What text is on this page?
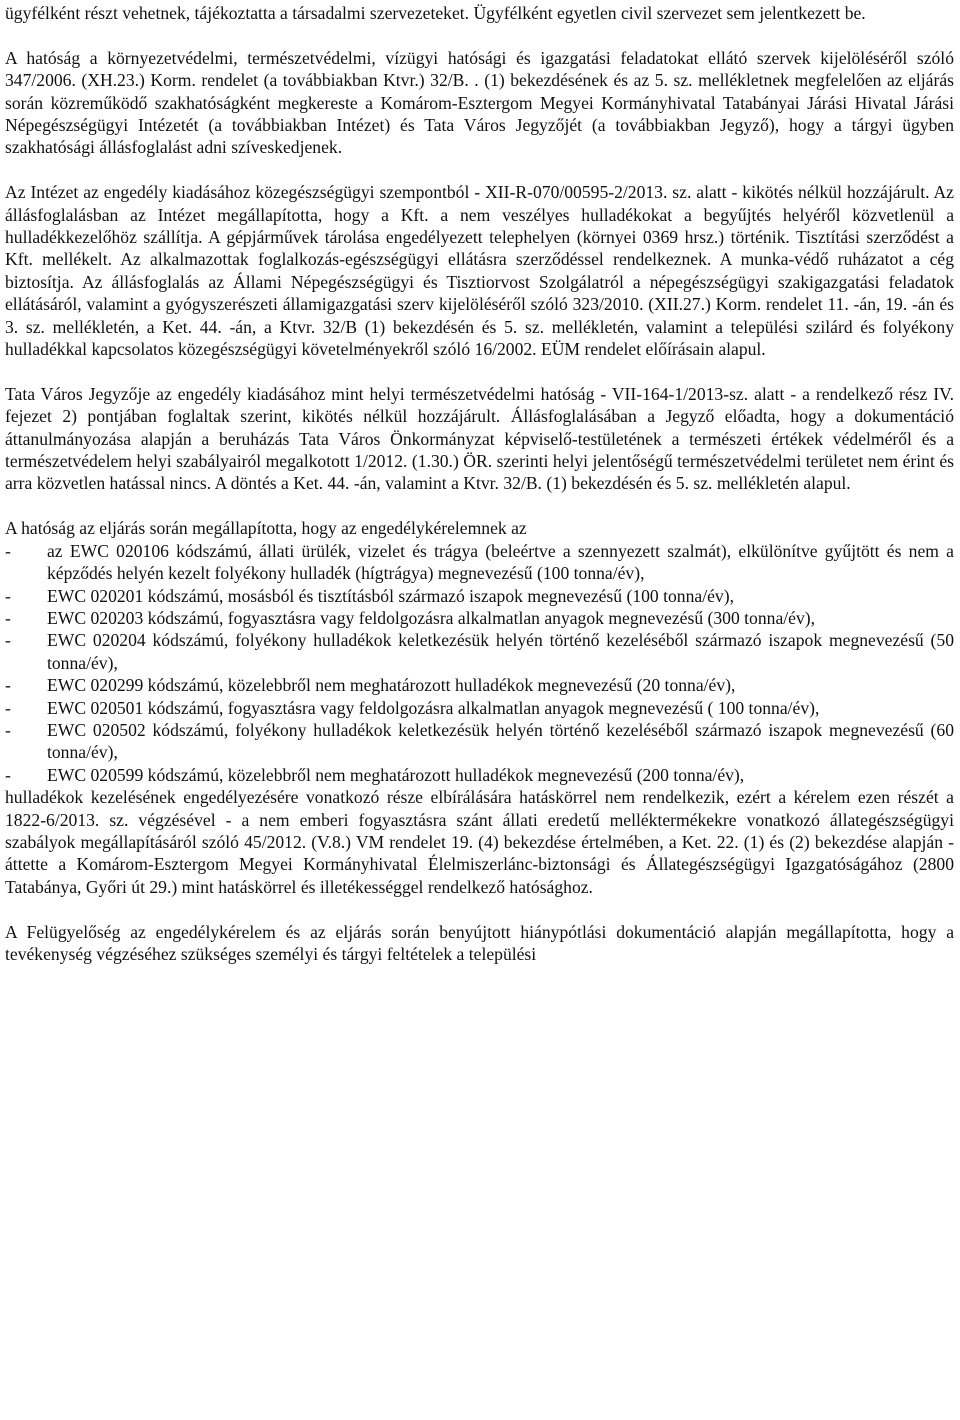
ügyfélként részt vehetnek, tájékoztatta a társadalmi szervezeteket. Ügyfélként egyetlen civil szervezet sem jelentkezett be.

A hatóság a környezetvédelmi, természetvédelmi, vízügyi hatósági és igazgatási feladatokat ellátó szervek kijelöléséről szóló 347/2006. (XH.23.) Korm. rendelet (a továbbiakban Ktvr.) 32/B. . (1) bekezdésének és az 5. sz. mellékletnek megfelelően az eljárás során közreműködő szakhatóságként megkereste a Komárom-Esztergom Megyei Kormányhivatal Tatabányai Járási Hivatal Járási Népegészségügyi Intézetét (a továbbiakban Intézet) és Tata Város Jegyzőjét (a továbbiakban Jegyző), hogy a tárgyi ügyben szakhatósági állásfoglalást adni szíveskedjenek.

Az Intézet az engedély kiadásához közegészségügyi szempontból - XII-R-070/00595-2/2013. sz. alatt - kikötés nélkül hozzájárult. Az állásfoglalásban az Intézet megállapította, hogy a Kft. a nem veszélyes hulladékokat a begyűjtés helyéről közvetlenül a hulladékkezelőhöz szállítja. A gépjárművek tárolása engedélyezett telephelyen (környei 0369 hrsz.) történik. Tisztítási szerződést a Kft. mellékelt. Az alkalmazottak foglalkozás-egészségügyi ellátásra szerződéssel rendelkeznek. A munka-védő ruházatot a cég biztosítja. Az állásfoglalás az Állami Népegészségügyi és Tisztiorvost Szolgálatról a népegészségügyi szakigazgatási feladatok ellátásáról, valamint a gyógyszerészeti államigazgatási szerv kijelöléséről szóló 323/2010. (XII.27.) Korm. rendelet 11. -án, 19. -án és 3. sz. mellékletén, a Ket. 44. -án, a Ktvr. 32/B (1) bekezdésén és 5. sz. mellékletén, valamint a települési szilárd és folyékony hulladékkal kapcsolatos közegészségügyi követelményekről szóló 16/2002. EÜM rendelet előírásain alapul.

Tata Város Jegyzője az engedély kiadásához mint helyi természetvédelmi hatóság - VII-164-1/2013-sz. alatt - a rendelkező rész IV. fejezet 2) pontjában foglaltak szerint, kikötés nélkül hozzájárult. Állásfoglalásában a Jegyző előadta, hogy a dokumentáció áttanulmányozása alapján a beruházás Tata Város Önkormányzat képviselő-testületének a természeti értékek védelméről és a természetvédelem helyi szabályairól megalkotott 1/2012. (1.30.) ÖR. szerinti helyi jelentőségű természetvédelmi területet nem érint és arra közvetlen hatással nincs. A döntés a Ket. 44. -án, valamint a Ktvr. 32/B. (1) bekezdésén és 5. sz. mellékletén alapul.

A hatóság az eljárás során megállapította, hogy az engedélykérelemnek az

- az EWC 020106 kódszámú, állati ürülék, vizelet és trágya (beleértve a szennyezett szalmát), elkülönítve gyűjtött és nem a képződés helyén kezelt folyékony hulladék (hígtrágya) megnevezésű (100 tonna/év),
- EWC 020201 kódszámú, mosásból és tisztításból származó iszapok megnevezésű (100 tonna/év),
- EWC 020203 kódszámú, fogyasztásra vagy feldolgozásra alkalmatlan anyagok megnevezésű (300 tonna/év),
- EWC 020204 kódszámú, folyékony hulladékok keletkezésük helyén történő kezeléséből származó iszapok megnevezésű (50 tonna/év),
- EWC 020299 kódszámú, közelebbről nem meghatározott hulladékok megnevezésű (20 tonna/év),
- EWC 020501 kódszámú, fogyasztásra vagy feldolgozásra alkalmatlan anyagok megnevezésű ( 100 tonna/év),
- EWC 020502 kódszámú, folyékony hulladékok keletkezésük helyén történő kezeléséből származó iszapok megnevezésű (60 tonna/év),
- EWC 020599 kódszámú, közelebbről nem meghatározott hulladékok megnevezésű (200 tonna/év),

hulladékok kezelésének engedélyezésére vonatkozó része elbírálására hatáskörrel nem rendelkezik, ezért a kérelem ezen részét a 1822-6/2013. sz. végzésével - a nem emberi fogyasztásra szánt állati eredetű melléktermékekre vonatkozó állategészségügyi szabályok megállapításáról szóló 45/2012. (V.8.) VM rendelet 19. (4) bekezdése értelmében, a Ket. 22. (1) és (2) bekezdése alapján - áttette a Komárom-Esztergom Megyei Kormányhivatal Élelmiszerlánc-biztonsági és Állategészségügyi Igazgatóságához (2800 Tatabánya, Győri út 29.) mint hatáskörrel és illetékességgel rendelkező hatósághoz.

A Felügyelőség az engedélykérelem és az eljárás során benyújtott hiánypótlási dokumentáció alapján megállapította, hogy a tevékenység végzéséhez szükséges személyi és tárgyi feltételek a települési
